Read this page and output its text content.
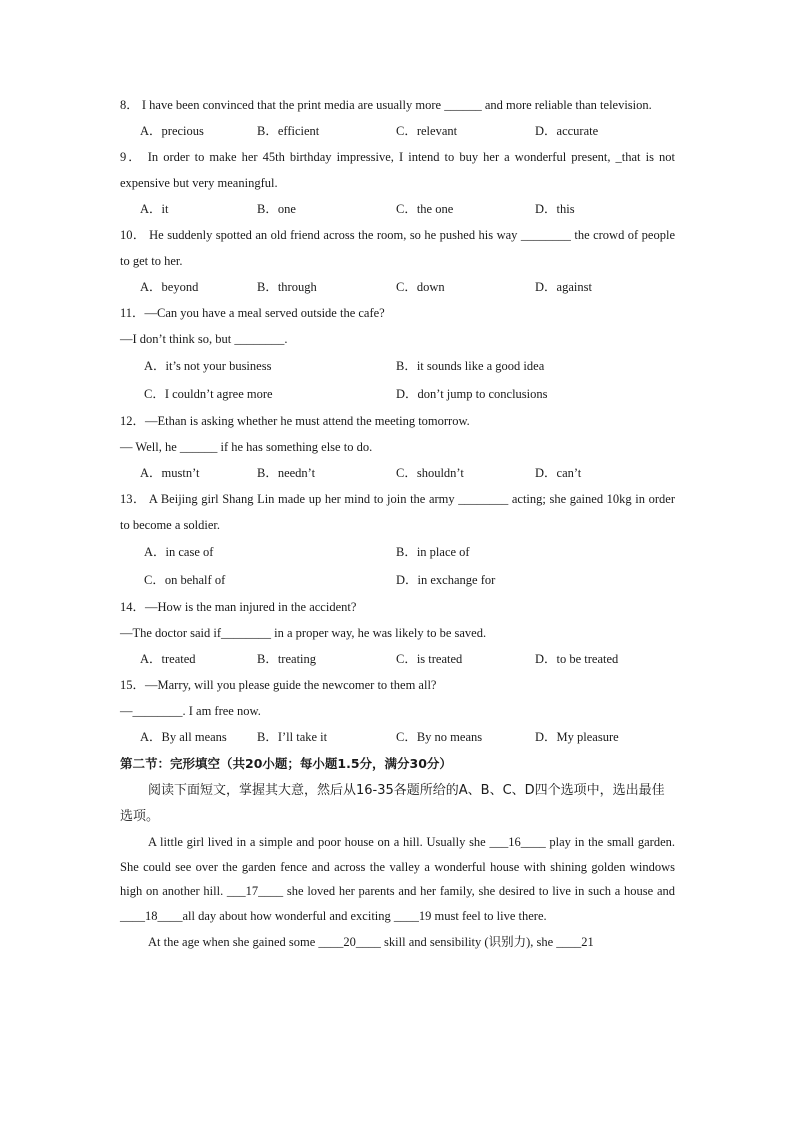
8． I have been convinced that the print media are usually more ______ and more reliable than television.
A．precious	B．efficient	C．relevant	D．accurate
9． In order to make her 45th birthday impressive, I intend to buy her a wonderful present, _that is not expensive but very meaningful.
A．it	B．one	C．the one	D．this
10． He suddenly spotted an old friend across the room, so he pushed his way ________ the crowd of people to get to her.
A．beyond	B．through	C．down	D．against
11．—Can you have a meal served outside the cafe?
—I don’t think so, but ________.
A．it’s not your business	B．it sounds like a good idea
C．I couldn’t agree more	D．don’t jump to conclusions
12．—Ethan is asking whether he must attend the meeting tomorrow.
— Well, he ______ if he has something else to do.
A．mustn’t	B．needn’t	C．shouldn’t	D．can’t
13． A Beijing girl Shang Lin made up her mind to join the army ________ acting; she gained 10kg in order to become a soldier.
A．in case of	B．in place of
C．on behalf of	D．in exchange for
14．—How is the man injured in the accident?
—The doctor said if________ in a proper way, he was likely to be saved.
A．treated	B．treating	C．is treated	D．to be treated
15．—Marry, will you please guide the newcomer to them all?
—________. I am free now.
A．By all means	B．I’ll take it	C．By no means	D．My pleasure
第二节：完形填空（共20小题；每小题1.5分，满分30分）
阅读下面短文，掌握其大意，然后从16-35各题所给的A、B、C、D四个选项中，选出最佳选项。
A little girl lived in a simple and poor house on a hill. Usually she ___16____ play in the small garden. She could see over the garden fence and across the valley a wonderful house with shining golden windows high on another hill. ___17____ she loved her parents and her family, she desired to live in such a house and ____18____all day about how wonderful and exciting ____19 must feel to live there.
At the age when she gained some ____20____ skill and sensibility (识别力), she ____21
